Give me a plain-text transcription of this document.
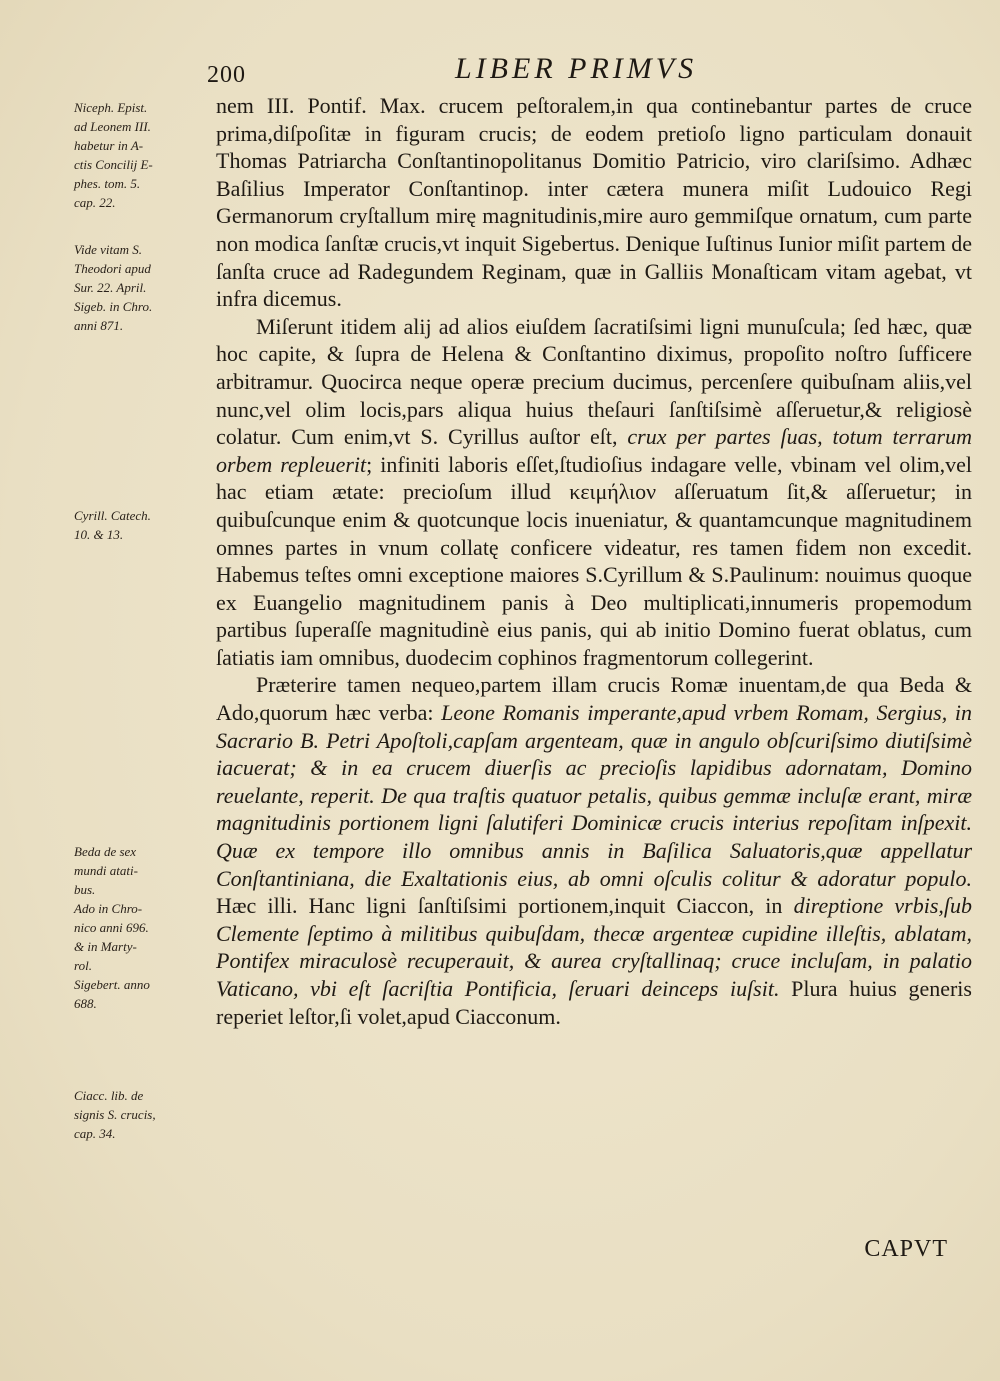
200	LIBER PRIMVS

Niceph. Epist.

ad Leonem III.

habetur in A-

ctis Concilij E-

phes. tom. 5.

cap. 22.

Vide vitam S.

Theodori apud

Sur. 22. April.

Sigeb. in Chro.

anni 871.

Cyrill. Catech.

10. & 13.

Beda de sex

mundi atati-

bus.

Ado in Chro-

nico anni 696.

& in Marty-

rol.

Sigebert. anno

688.

Ciacc. lib. de

signis S. crucis,

cap. 34.

nem III. Pontif. Max. crucem peſtoralem,in qua continebantur partes de cruce prima,diſpoſitæ in figuram crucis; de eodem pretioſo ligno particulam donauit Thomas Patriarcha Conſtantinopolitanus Domitio Patricio, viro clariſsimo. Adhæc Baſilius Imperator Conſtantinop. inter cætera munera miſit Ludouico Regi Germanorum cryſtallum mirę magnitudinis,mire auro gemmiſque ornatum, cum parte non modica ſanſtæ crucis,vt inquit Sigebertus. Denique Iuſtinus Iunior miſit partem de ſanſta cruce ad Radegundem Reginam, quæ in Galliis Monaſticam vitam agebat, vt infra dicemus.

Miſerunt itidem alij ad alios eiuſdem ſacratiſsimi ligni munuſcula; ſed hæc, quæ hoc capite, & ſupra de Helena & Conſtantino diximus, propoſito noſtro ſufficere arbitramur. Quocirca neque operæ precium ducimus, percenſere quibuſnam aliis,vel nunc,vel olim locis,pars aliqua huius theſauri ſanſtiſsimè aſſeruetur,& religiosè colatur. Cum enim,vt S. Cyrillus auſtor eſt, crux per partes ſuas, totum terrarum orbem repleuerit; infiniti laboris eſſet,ſtudioſius indagare velle, vbinam vel olim,vel hac etiam ætate: precioſum illud κειμήλιον aſſeruatum ſit,& aſſeruetur; in quibuſcunque enim & quotcunque locis inueniatur, & quantamcunque magnitudinem omnes partes in vnum collatę conficere videatur, res tamen fidem non excedit. Habemus teſtes omni exceptione maiores S.Cyrillum & S.Paulinum: nouimus quoque ex Euangelio magnitudinem panis à Deo multiplicati,innumeris propemodum partibus ſuperaſſe magnitudinè eius panis, qui ab initio Domino fuerat oblatus, cum ſatiatis iam omnibus, duodecim cophinos fragmentorum collegerint.

Præterire tamen nequeo,partem illam crucis Romæ inuentam,de qua Beda & Ado,quorum hæc verba: Leone Romanis imperante,apud vrbem Romam, Sergius, in Sacrario B. Petri Apoſtoli,capſam argenteam, quæ in angulo obſcuriſsimo diutiſsimè iacuerat; & in ea crucem diuerſis ac precioſis lapidibus adornatam, Domino reuelante, reperit. De qua traſtis quatuor petalis, quibus gemmæ incluſæ erant, miræ magnitudinis portionem ligni ſalutiferi Dominicæ crucis interius repoſitam inſpexit. Quæ ex tempore illo omnibus annis in Baſilica Saluatoris,quæ appellatur Conſtantiniana, die Exaltationis eius, ab omni oſculis colitur & adoratur populo. Hæc illi. Hanc ligni ſanſtiſsimi portionem,inquit Ciaccon, in direptione vrbis,ſub Clemente ſeptimo à militibus quibuſdam, thecæ argenteæ cupidine illeſtis, ablatam, Pontifex miraculosè recuperauit, & aurea cryſtallinaq; cruce incluſam, in palatio Vaticano, vbi eſt ſacriſtia Pontificia, ſeruari deinceps iuſsit. Plura huius generis reperiet leſtor,ſi volet,apud Ciacconum.

CAPVT
